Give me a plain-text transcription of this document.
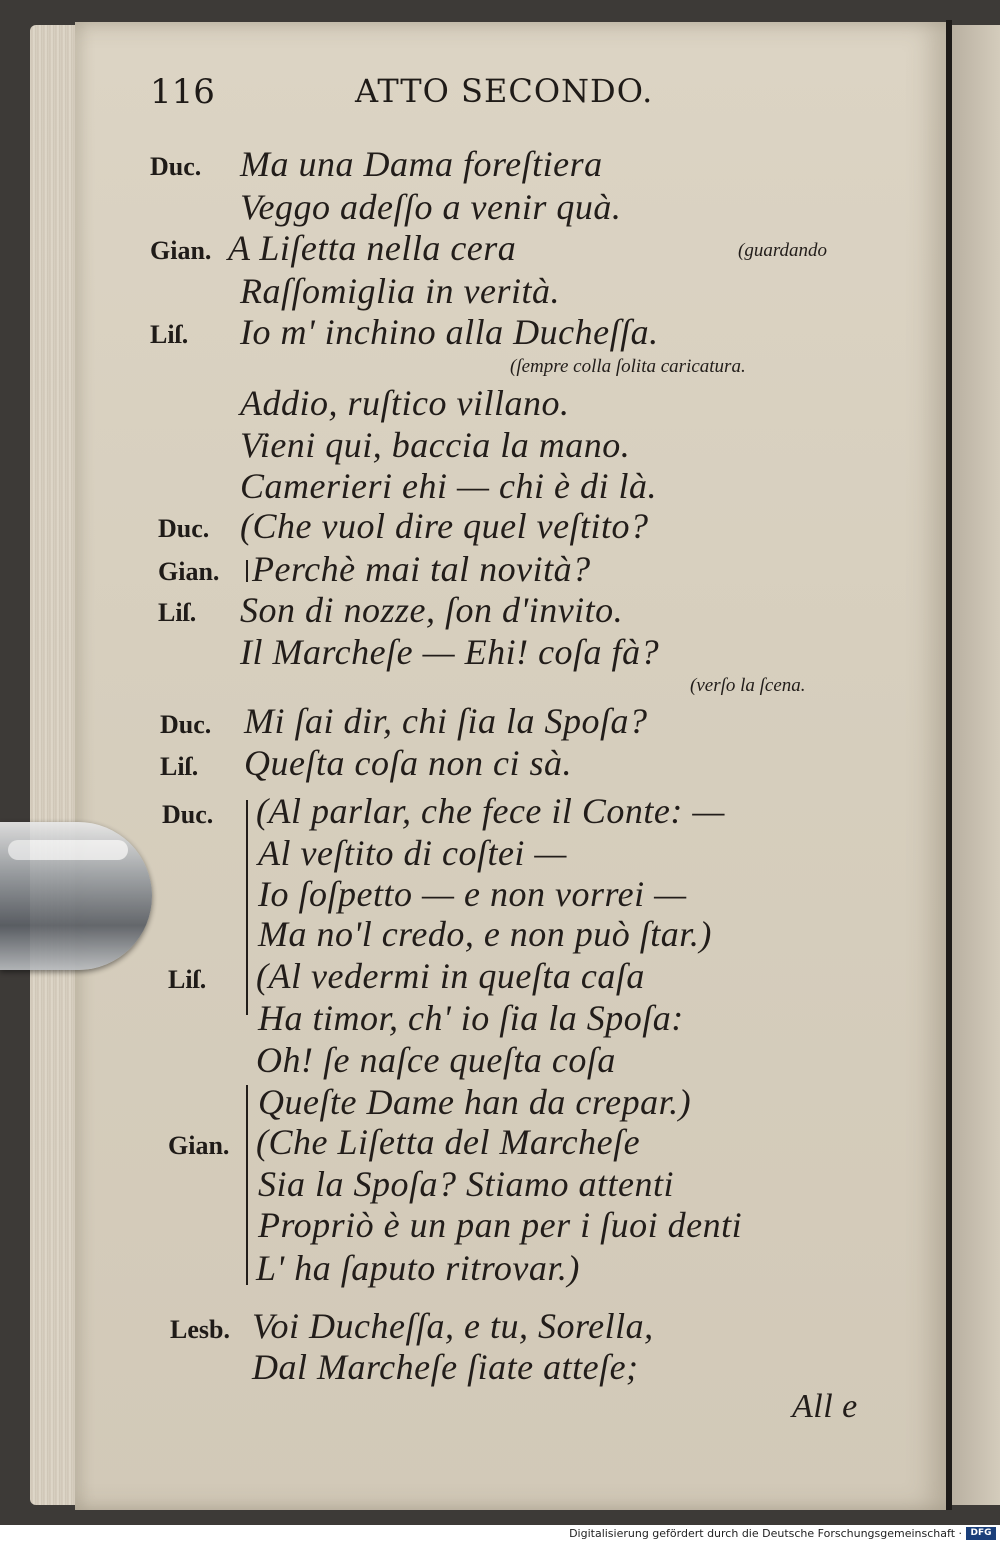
116	ATTO SECONDO.
Duc. Ma una Dama foreſtiera
Veggo adeſſo a venir quà.
Gian. A Liſetta nella cera	(guardando
Raſſomiglia in verità.
Liſ. Io m' inchino alla Ducheſſa.
(ſempre colla ſolita caricatura.
Addio, ruſtico villano.
Vieni qui, baccia la mano.
Camerieri ehi — chi è di là.
Duc. (Che vuol dire quel veſtito?
Gian. Perchè mai tal novità?
Liſ. Son di nozze, ſon d'invito.
Il Marcheſe — Ehi! coſa fà?
(verſo la ſcena.
Duc. Mi ſai dir, chi ſia la Spoſa?
Liſ. Queſta coſa non ci sà.
Duc. (Al parlar, che fece il Conte: —
Al veſtito di coſtei —
Io ſoſpetto — e non vorrei —
Ma no'l credo, e non può ſtar.)
Liſ. (Al vedermi in queſta caſa
Ha timor, ch' io ſia la Spoſa:
Oh! ſe naſce queſta coſa
Queſte Dame han da crepar.)
Gian. (Che Liſetta del Marcheſe
Sia la Spoſa? Stiamo attenti
Propriò è un pan per i ſuoi denti
L' ha ſaputo ritrovar.)
Lesb. Voi Ducheſſa, e tu, Sorella,
Dal Marcheſe ſiate atteſe;
All e
Digitalisierung gefördert durch die Deutsche Forschungsgemeinschaft · DFG
